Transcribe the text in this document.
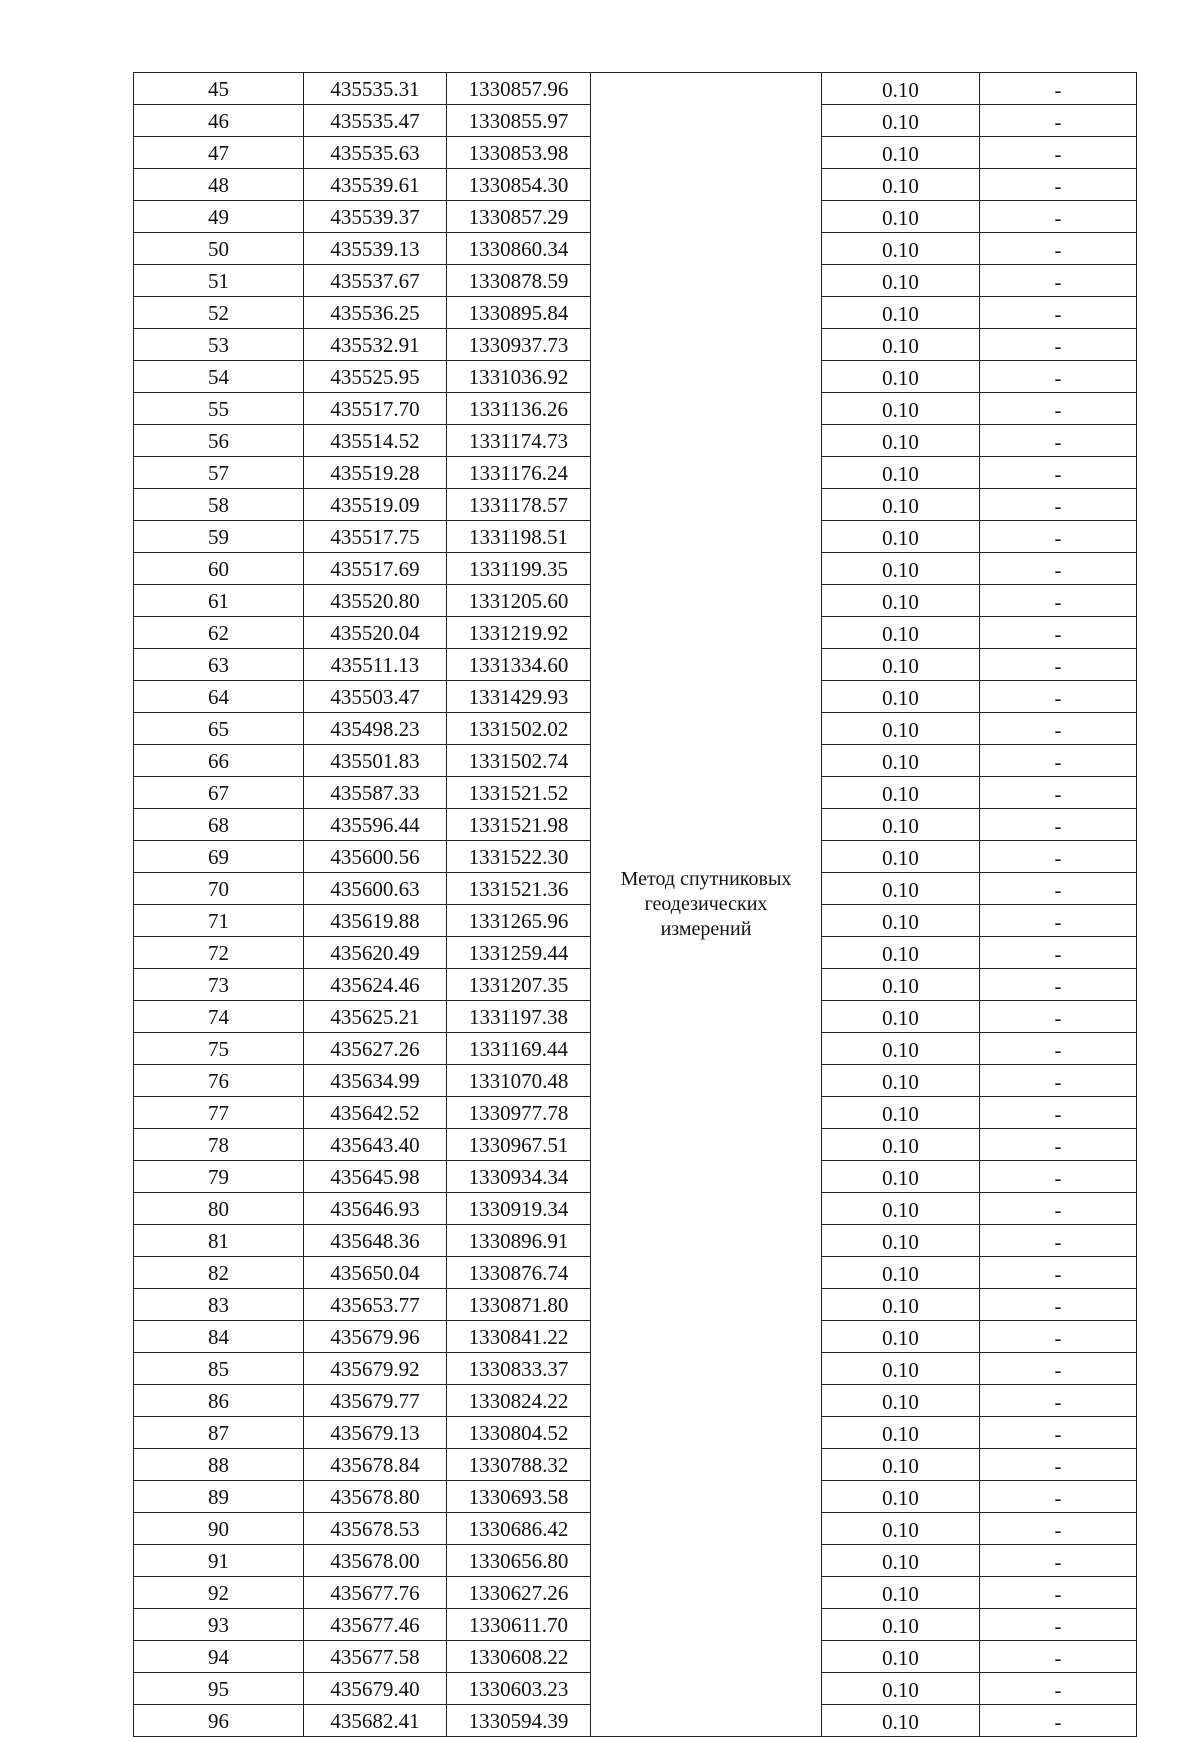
45	435535.31	1330857.96	Метод спутниковых геодезических измерений	0.10	-
46	435535.47	1330855.97		0.10	-
47	435535.63	1330853.98		0.10	-
48	435539.61	1330854.30		0.10	-
49	435539.37	1330857.29		0.10	-
50	435539.13	1330860.34		0.10	-
51	435537.67	1330878.59		0.10	-
52	435536.25	1330895.84		0.10	-
53	435532.91	1330937.73		0.10	-
54	435525.95	1331036.92		0.10	-
55	435517.70	1331136.26		0.10	-
56	435514.52	1331174.73		0.10	-
57	435519.28	1331176.24		0.10	-
58	435519.09	1331178.57		0.10	-
59	435517.75	1331198.51		0.10	-
60	435517.69	1331199.35		0.10	-
61	435520.80	1331205.60		0.10	-
62	435520.04	1331219.92		0.10	-
63	435511.13	1331334.60		0.10	-
64	435503.47	1331429.93		0.10	-
65	435498.23	1331502.02		0.10	-
66	435501.83	1331502.74		0.10	-
67	435587.33	1331521.52		0.10	-
68	435596.44	1331521.98		0.10	-
69	435600.56	1331522.30		0.10	-
70	435600.63	1331521.36		0.10	-
71	435619.88	1331265.96		0.10	-
72	435620.49	1331259.44		0.10	-
73	435624.46	1331207.35		0.10	-
74	435625.21	1331197.38		0.10	-
75	435627.26	1331169.44		0.10	-
76	435634.99	1331070.48		0.10	-
77	435642.52	1330977.78		0.10	-
78	435643.40	1330967.51		0.10	-
79	435645.98	1330934.34		0.10	-
80	435646.93	1330919.34		0.10	-
81	435648.36	1330896.91		0.10	-
82	435650.04	1330876.74		0.10	-
83	435653.77	1330871.80		0.10	-
84	435679.96	1330841.22		0.10	-
85	435679.92	1330833.37		0.10	-
86	435679.77	1330824.22		0.10	-
87	435679.13	1330804.52		0.10	-
88	435678.84	1330788.32		0.10	-
89	435678.80	1330693.58		0.10	-
90	435678.53	1330686.42		0.10	-
91	435678.00	1330656.80		0.10	-
92	435677.76	1330627.26		0.10	-
93	435677.46	1330611.70		0.10	-
94	435677.58	1330608.22		0.10	-
95	435679.40	1330603.23		0.10	-
96	435682.41	1330594.39		0.10	-
